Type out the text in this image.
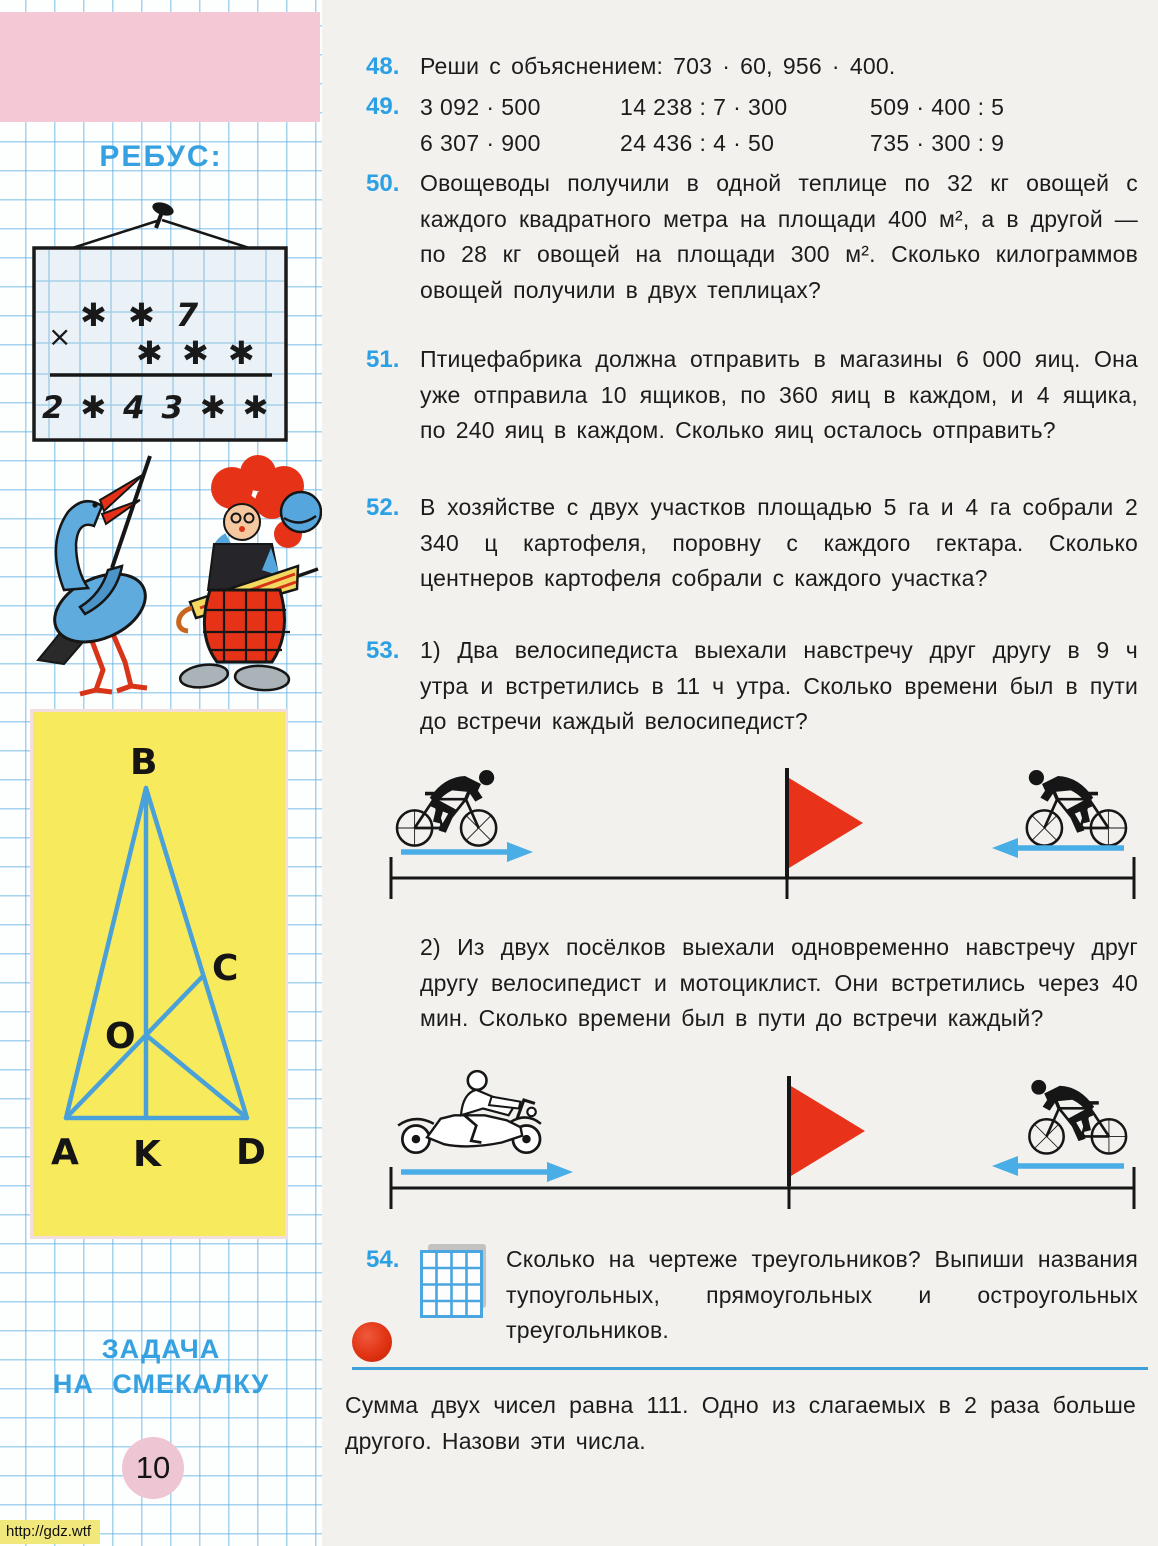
РЕБУС:
×
✱ ✱ 7
✱ ✱ ✱
2 ✱ 4 3 ✱ ✱
B
C
O
A K D
ЗАДАЧА
НА СМЕКАЛКУ
10
48. Реши с объяснением: 703 · 60, 956 · 400.
49. 3 092 · 500	14 238 : 7 · 300	509 · 400 : 5
6 307 · 900	24 436 : 4 · 50	735 · 300 : 9
50. Овощеводы получили в одной теплице по 32 кг овощей с каждого квадратного метра на площади 400 м², а в другой — по 28 кг овощей на площади 300 м². Сколько килограммов овощей получили в двух теплицах?
51. Птицефабрика должна отправить в магазины 6 000 яиц. Она уже отправила 10 ящиков, по 360 яиц в каждом, и 4 ящика, по 240 яиц в каждом. Сколько яиц осталось отправить?
52. В хозяйстве с двух участков площадью 5 га и 4 га собрали 2 340 ц картофеля, поровну с каждого гектара. Сколько центнеров картофеля собрали с каждого участка?
53. 1) Два велосипедиста выехали навстречу друг другу в 9 ч утра и встретились в 11 ч утра. Сколько времени был в пути до встречи каждый велосипедист?
2) Из двух посёлков выехали одновременно навстречу друг другу велосипедист и мотоциклист. Они встретились через 40 мин. Сколько времени был в пути до встречи каждый?
54.	Сколько на чертеже треугольников? Выпиши названия тупоугольных, прямоугольных и остроугольных треугольников.
Сумма двух чисел равна 111. Одно из слагаемых в 2 раза больше другого. Назови эти числа.
http://gdz.wtf
